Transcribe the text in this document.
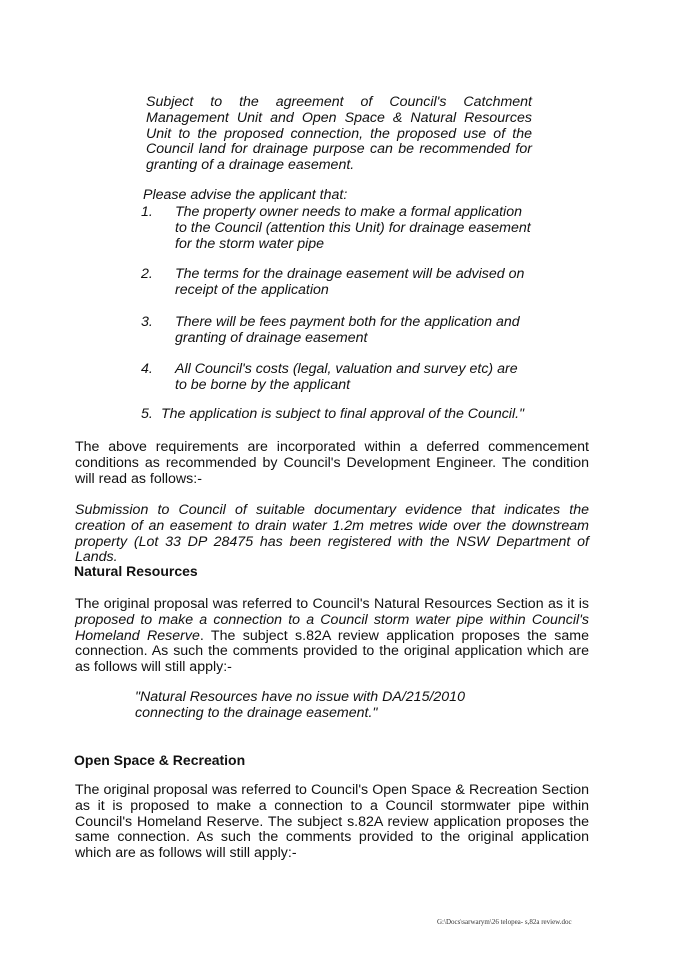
Subject to the agreement of Council's Catchment Management Unit and Open Space & Natural Resources Unit to the proposed connection, the proposed use of the Council land for drainage purpose can be recommended for granting of a drainage easement.

Please advise the applicant that:

1. The property owner needs to make a formal application to the Council (attention this Unit) for drainage easement for the storm water pipe
2. The terms for the drainage easement will be advised on receipt of the application
3. There will be fees payment both for the application and granting of drainage easement
4. All Council's costs (legal, valuation and survey etc) are to be borne by the applicant
5. The application is subject to final approval of the Council."

The above requirements are incorporated within a deferred commencement conditions as recommended by Council's Development Engineer. The condition will read as follows:-

Submission to Council of suitable documentary evidence that indicates the creation of an easement to drain water 1.2m metres wide over the downstream property (Lot 33 DP 28475 has been registered with the NSW Department of Lands.

Natural Resources

The original proposal was referred to Council's Natural Resources Section as it is proposed to make a connection to a Council storm water pipe within Council's Homeland Reserve. The subject s.82A review application proposes the same connection. As such the comments provided to the original application which are as follows will still apply:-

"Natural Resources have no issue with DA/215/2010 connecting to the drainage easement."

Open Space & Recreation

The original proposal was referred to Council's Open Space & Recreation Section as it is proposed to make a connection to a Council stormwater pipe within Council's Homeland Reserve. The subject s.82A review application proposes the same connection. As such the comments provided to the original application which are as follows will still apply:-

G:\Docs\sarwarym\26 telopea- s,82a review.doc
